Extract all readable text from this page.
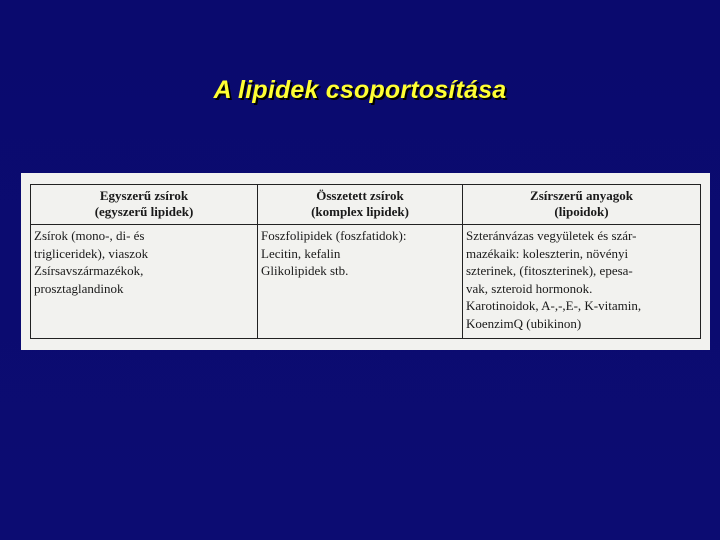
A lipidek csoportosítása
Egyszerű zsírok
(egyszerű lipidek)
Összetett zsírok
(komplex lipidek)
Zsírszerű anyagok
(lipoidok)
Zsírok (mono-, di- és
trigliceridek), viaszok
Zsírsavszármazékok,
prosztaglandinok
Foszfolipidek (foszfatidok):
Lecitin, kefalin
Glikolipidek stb.
Szteránvázas vegyületek és szár-
mazékaik: koleszterin, növényi
szterinek, (fitoszterinek), epesa-
vak, szteroid hormonok.
Karotinoidok, A-,-,E-, K-vitamin,
KoenzimQ (ubikinon)
